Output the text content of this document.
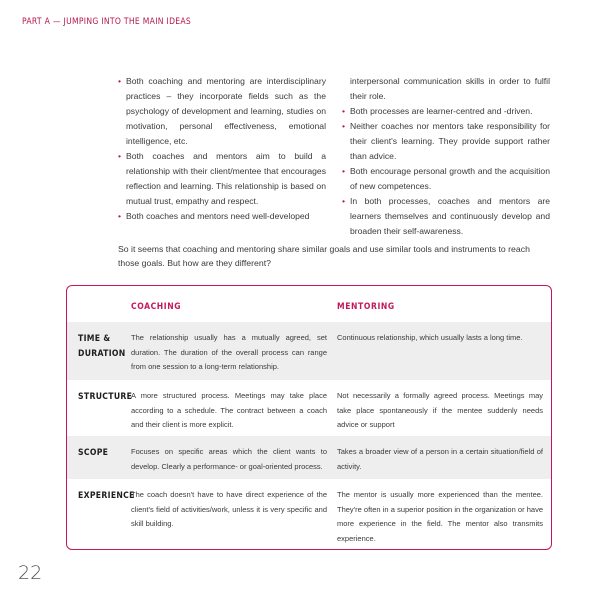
PART A — JUMPING INTO THE MAIN IDEAS
• Both coaching and mentoring are interdisciplinary practices – they incorporate fields such as the psychology of development and learning, studies on motivation, personal effectiveness, emotional intelligence, etc.
• Both coaches and mentors aim to build a relationship with their client/mentee that encourages reflection and learning. This relationship is based on mutual trust, empathy and respect.
• Both coaches and mentors need well-developed
interpersonal communication skills in order to fulfil their role.
• Both processes are learner-centred and -driven.
• Neither coaches nor mentors take responsibility for their client's learning. They provide support rather than advice.
• Both encourage personal growth and the acquisition of new competences.
• In both processes, coaches and mentors are learners themselves and continuously develop and broaden their self-awareness.

So it seems that coaching and mentoring share similar goals and use similar tools and instruments to reach those goals. But how are they different?

COACHING	MENTORING
TIME &
DURATION
The relationship usually has a mutually agreed, set duration. The duration of the overall process can range from one session to a long-term relationship.
Continuous relationship, which usually lasts a long time.
STRUCTURE
A more structured process. Meetings may take place according to a schedule. The contract between a coach and their client is more explicit.
Not necessarily a formally agreed process. Meetings may take place spontaneously if the mentee suddenly needs advice or support
SCOPE	Focuses on specific areas which the client wants to develop. Clearly a performance- or goal-oriented process.
Takes a broader view of a person in a certain situation/field of activity.
EXPERIENCE
The coach doesn't have to have direct experience of the client's field of activities/work, unless it is very specific and skill building.
The mentor is usually more experienced than the mentee. They're often in a superior position in the organization or have more experience in the field. The mentor also transmits experience.
22
